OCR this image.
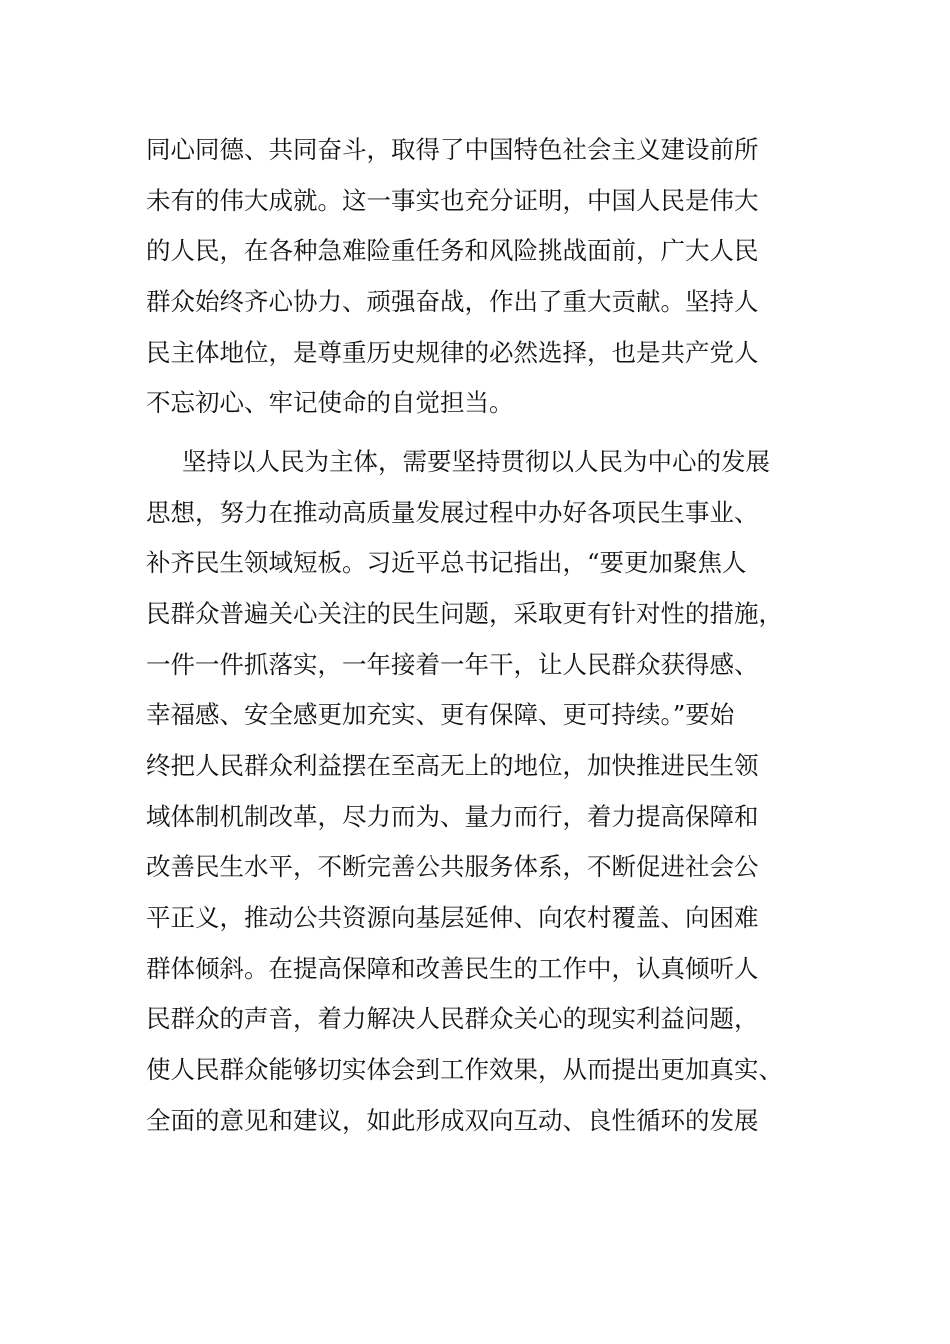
同心同德、共同奋斗，取得了中国特色社会主义建设前所
未有的伟大成就。这一事实也充分证明，中国人民是伟大
的人民，在各种急难险重任务和风险挑战面前，广大人民
群众始终齐心协力、顽强奋战，作出了重大贡献。坚持人
民主体地位，是尊重历史规律的必然选择，也是共产党人
不忘初心、牢记使命的自觉担当。
坚持以人民为主体，需要坚持贯彻以人民为中心的发展
思想，努力在推动高质量发展过程中办好各项民生事业、
补齐民生领域短板。习近平总书记指出，“要更加聚焦人
民群众普遍关心关注的民生问题，采取更有针对性的措施，
一件一件抓落实，一年接着一年干，让人民群众获得感、
幸福感、安全感更加充实、更有保障、更可持续。”要始
终把人民群众利益摆在至高无上的地位，加快推进民生领
域体制机制改革，尽力而为、量力而行，着力提高保障和
改善民生水平，不断完善公共服务体系，不断促进社会公
平正义，推动公共资源向基层延伸、向农村覆盖、向困难
群体倾斜。在提高保障和改善民生的工作中，认真倾听人
民群众的声音，着力解决人民群众关心的现实利益问题，
使人民群众能够切实体会到工作效果，从而提出更加真实、
全面的意见和建议，如此形成双向互动、良性循环的发展
